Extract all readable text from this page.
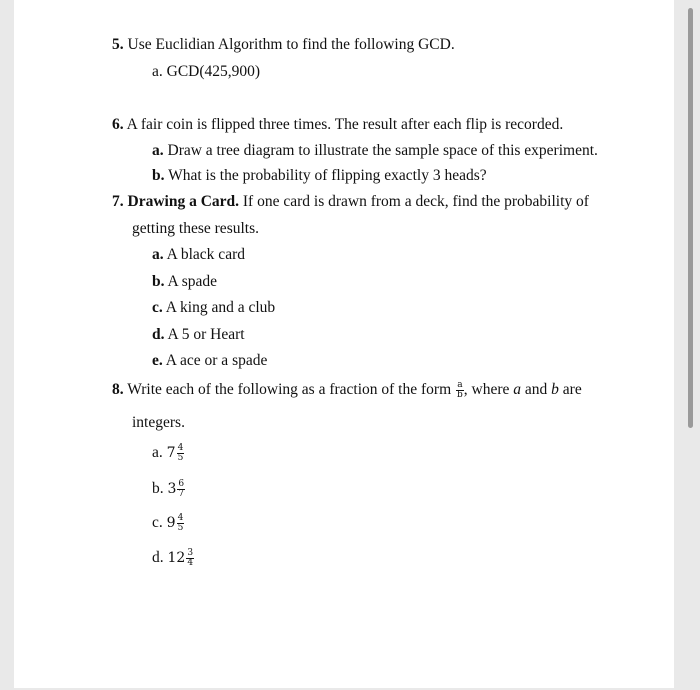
5. Use Euclidian Algorithm to find the following GCD.
a. GCD(425,900)
6. A fair coin is flipped three times. The result after each flip is recorded.
a. Draw a tree diagram to illustrate the sample space of this experiment.
b. What is the probability of flipping exactly 3 heads?
7. Drawing a Card. If one card is drawn from a deck, find the probability of
getting these results.
a. A black card
b. A spade
c. A king and a club
d. A 5 or Heart
e. A ace or a spade
8. Write each of the following as a fraction of the form $\frac{a}{b}$ , where a and b are
integers.
a. $7 \frac{4}{5}$
b. $3 \frac{6}{7}$
c. $9 \frac{4}{5}$
d. $12 \frac{3}{4}$
